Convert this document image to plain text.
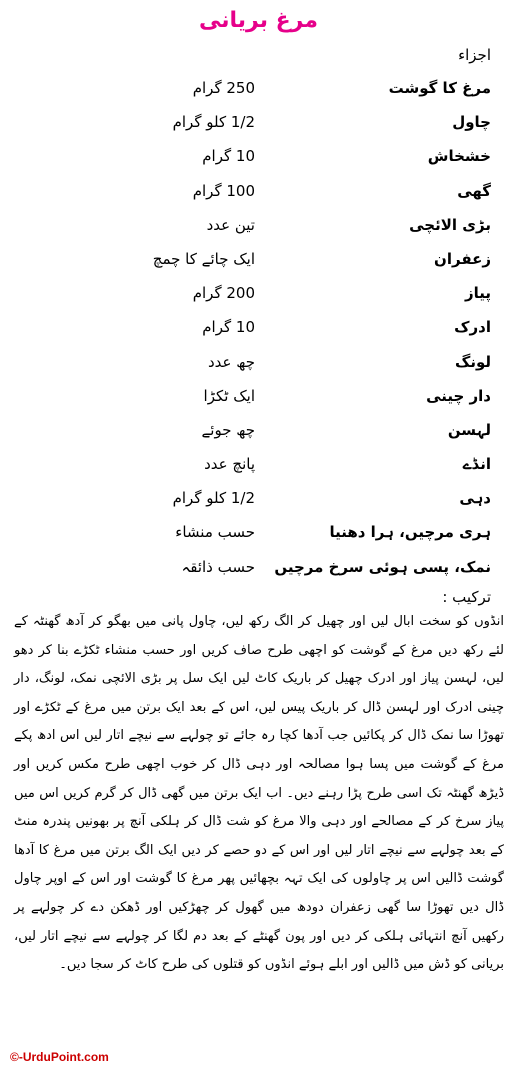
مرغ بریانی
اجزاء
مرغ کا گوشت
250 گرام
چاول
1/2 کلو گرام
خشخاش
10 گرام
گھی
100 گرام
بڑی الائچی
تین عدد
زعفران
ایک چائے کا چمچ
پیاز
200 گرام
ادرک
10 گرام
لونگ
چھ عدد
دار چینی
ایک ٹکڑا
لہسن
چھ جوئے
انڈے
پانچ عدد
دہی
1/2 کلو گرام
ہری مرچیں، ہرا دھنیا
حسب منشاء
نمک، پسی ہوئی سرخ مرچیں
حسب ذائقہ
ترکیب :
انڈوں کو سخت ابال لیں اور چھیل کر الگ رکھ لیں، چاول پانی میں بھگو کر آدھ گھنٹہ کے لئے رکھ دیں مرغ کے گوشت کو اچھی طرح صاف کریں اور حسب منشاء ٹکڑے بنا کر دھو لیں، لہسن پیاز اور ادرک چھیل کر باریک کاٹ لیں ایک سل پر بڑی الائچی نمک، لونگ، دار چینی ادرک اور لہسن ڈال کر باریک پیس لیں، اس کے بعد ایک برتن میں مرغ کے ٹکڑے اور تھوڑا سا نمک ڈال کر پکائیں جب آدھا کچا رہ جائے تو چولہے سے نیچے اتار لیں اس ادھ پکے مرغ کے گوشت میں پسا ہوا مصالحہ اور دہی ڈال کر خوب اچھی طرح مکس کریں اور ڈیڑھ گھنٹہ تک اسی طرح پڑا رہنے دیں۔ اب ایک برتن میں گھی ڈال کر گرم کریں اس میں پیاز سرخ کر کے مصالحے اور دہی والا مرغ کو شت ڈال کر ہلکی آنچ پر بھونیں پندرہ منٹ کے بعد چولہے سے نیچے اتار لیں اور اس کے دو حصے کر دیں ایک الگ برتن میں مرغ کا آدھا گوشت ڈالیں اس پر چاولوں کی ایک تہہ بچھائیں پھر مرغ کا گوشت اور اس کے اوپر چاول ڈال دیں تھوڑا سا گھی زعفران دودھ میں گھول کر چھڑکیں اور ڈھکن دے کر چولہے پر رکھیں آنچ انتہائی ہلکی کر دیں اور پون گھنٹے کے بعد دم لگا کر چولہے سے نیچے اتار لیں، بریانی کو ڈش میں ڈالیں اور ابلے ہوئے انڈوں کو قتلوں کی طرح کاٹ کر سجا دیں۔
©-UrduPoint.com
